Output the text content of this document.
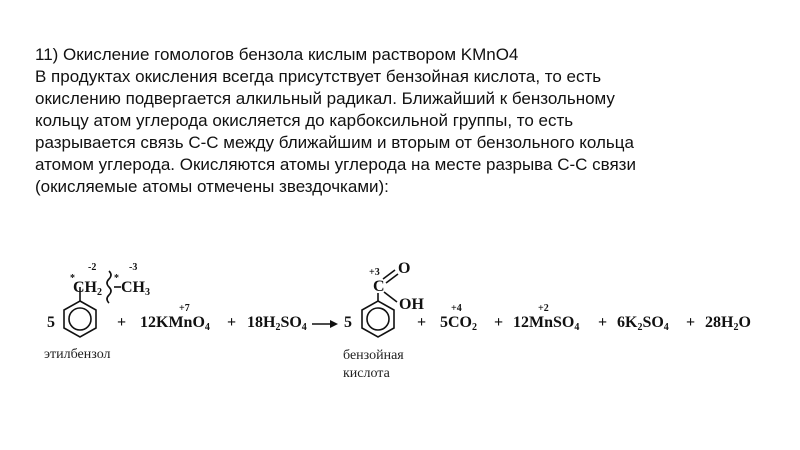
11) Окисление гомологов бензола кислым раствором KMnO4
В продуктах окисления всегда присутствует бензойная кислота, то есть
окислению подвергается алкильный радикал. Ближайший к бензольному
кольцу атом углерода окисляется до карбоксильной группы, то есть
разрывается связь С-С между ближайшим и вторым от бензольного кольца
атомом углерода. Окисляются атомы углерода на месте разрыва С-С связи
(окисляемые атомы отмечены звездочками):
5
*
-2
$CH_2$
*
-3
$CH_3$
этилбензол
+
+7
12KMnO$_4$ + $18H_2SO_4$ 5
+3
C
O
OH
бензойная
кислота
+
+4
$5CO_2$ +
+2
12MnSO$_4$ + $6K_2SO_4 + 28H_2O$
